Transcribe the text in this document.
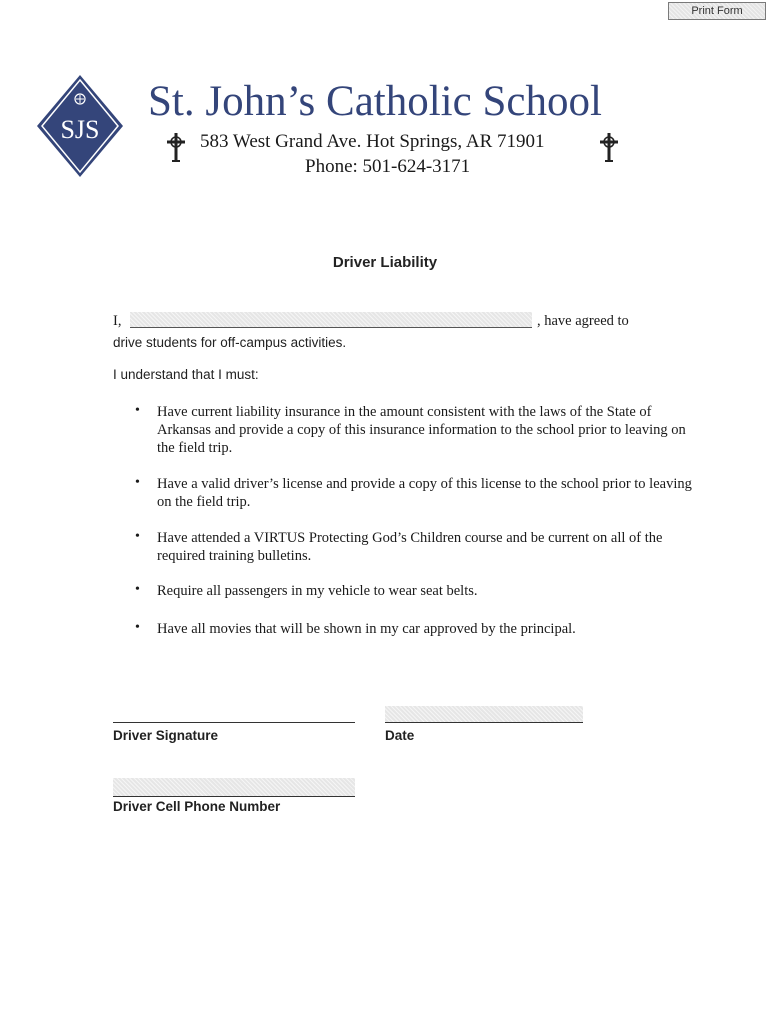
Print Form
SJS
St. John’s Catholic School
583 West Grand Ave. Hot Springs, AR 71901
Phone: 501-624-3171
Driver Liability
I,	, have agreed to
drive students for off-campus activities.
I understand that I must:
•	Have current liability insurance in the amount consistent with the laws of the State of Arkansas and provide a copy of this insurance information to the school prior to leaving on the field trip.
•	Have a valid driver’s license and provide a copy of this license to the school prior to leaving on the field trip.
•	Have attended a VIRTUS Protecting God’s Children course and be current on all of the required training bulletins.
•	Require all passengers in my vehicle to wear seat belts.
•	Have all movies that will be shown in my car approved by the principal.
Driver Signature	Date
Driver Cell Phone Number
